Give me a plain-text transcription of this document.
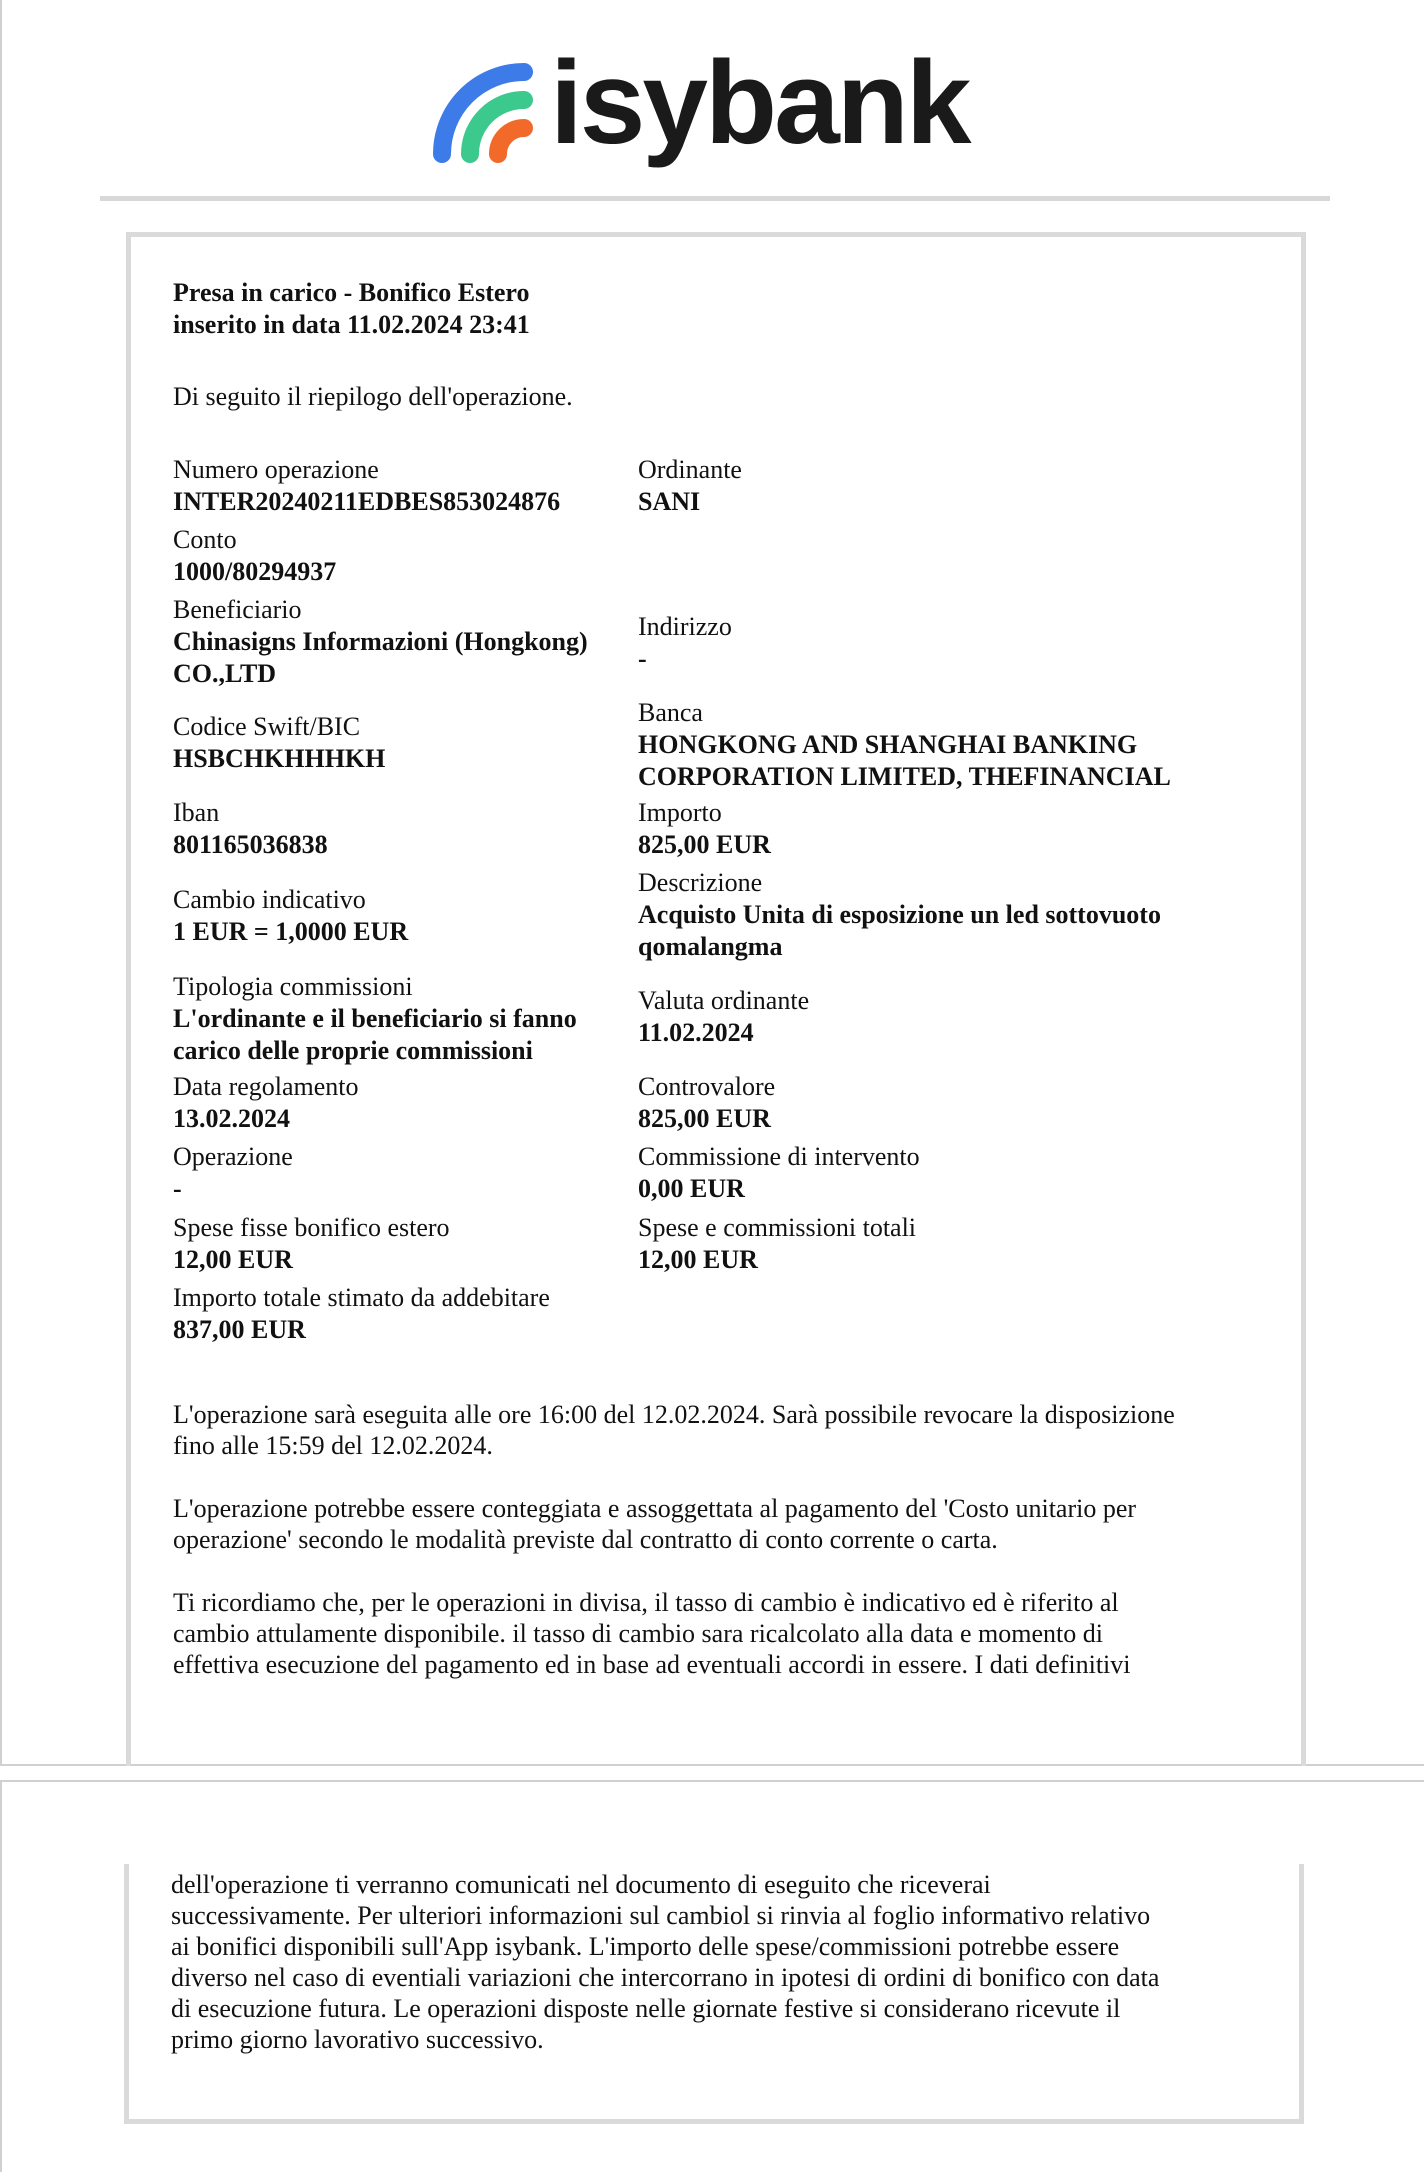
isybank
Presa in carico - Bonifico Estero
inserito in data 11.02.2024 23:41
Di seguito il riepilogo dell'operazione.
Numero operazione
INTER20240211EDBES853024876
Conto
1000/80294937
Beneficiario
Chinasigns Informazioni (Hongkong)
CO.,LTD
Codice Swift/BIC
HSBCHKHHHKH
Iban
801165036838
Cambio indicativo
1 EUR = 1,0000 EUR
Tipologia commissioni
L'ordinante e il beneficiario si fanno
carico delle proprie commissioni
Data regolamento
13.02.2024
Operazione
-
Spese fisse bonifico estero
12,00 EUR
Importo totale stimato da addebitare
837,00 EUR
Ordinante
SANI
Indirizzo
-
Banca
HONGKONG AND SHANGHAI BANKING
CORPORATION LIMITED, THEFINANCIAL
Importo
825,00 EUR
Descrizione
Acquisto Unita di esposizione un led sottovuoto
qomalangma
Valuta ordinante
11.02.2024
Controvalore
825,00 EUR
Commissione di intervento
0,00 EUR
Spese e commissioni totali
12,00 EUR
L'operazione sarà eseguita alle ore 16:00 del 12.02.2024. Sarà possibile revocare la disposizione
fino alle 15:59 del 12.02.2024.
L'operazione potrebbe essere conteggiata e assoggettata al pagamento del 'Costo unitario per
operazione' secondo le modalità previste dal contratto di conto corrente o carta.
Ti ricordiamo che, per le operazioni in divisa, il tasso di cambio è indicativo ed è riferito al
cambio attulamente disponibile. il tasso di cambio sara ricalcolato alla data e momento di
effettiva esecuzione del pagamento ed in base ad eventuali accordi in essere. I dati definitivi
dell'operazione ti verranno comunicati nel documento di eseguito che riceverai
successivamente. Per ulteriori informazioni sul cambiol si rinvia al foglio informativo relativo
ai bonifici disponibili sull'App isybank. L'importo delle spese/commissioni potrebbe essere
diverso nel caso di eventiali variazioni che intercorrano in ipotesi di ordini di bonifico con data
di esecuzione futura. Le operazioni disposte nelle giornate festive si considerano ricevute il
primo giorno lavorativo successivo.
